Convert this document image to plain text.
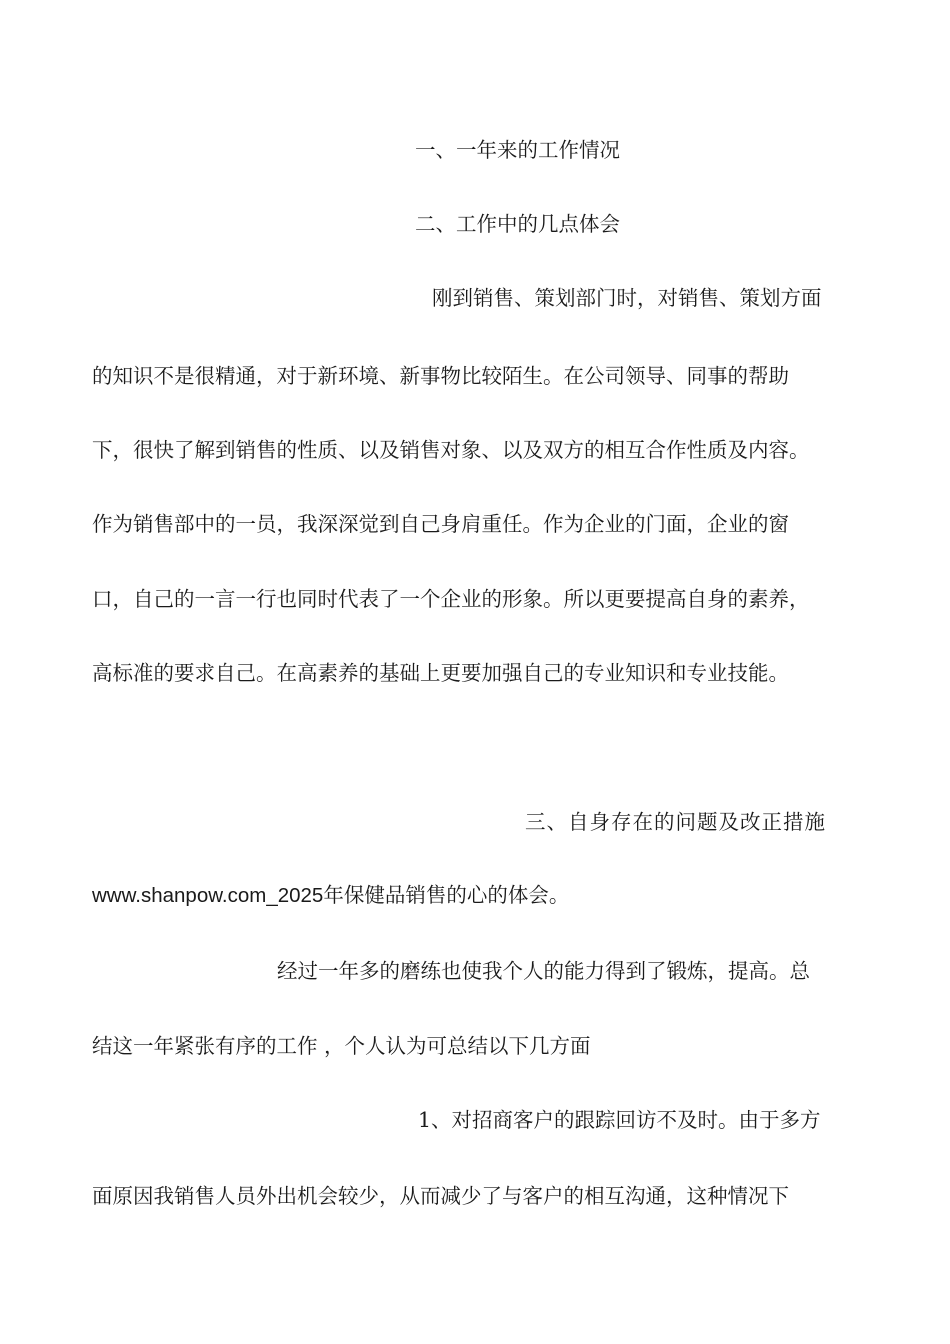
一、一年来的工作情况
二、工作中的几点体会
刚到销售、策划部门时，对销售、策划方面
的知识不是很精通，对于新环境、新事物比较陌生。在公司领导、同事的帮助
下，很快了解到销售的性质、以及销售对象、以及双方的相互合作性质及内容。
作为销售部中的一员，我深深觉到自己身肩重任。作为企业的门面，企业的窗
口，自己的一言一行也同时代表了一个企业的形象。所以更要提高自身的素养，
高标准的要求自己。在高素养的基础上更要加强自己的专业知识和专业技能。
三、自身存在的问题及改正措施
www.shanpow.com_2025年保健品销售的心的体会。
经过一年多的磨练也使我个人的能力得到了锻炼，提高。总
结这一年紧张有序的工作 ，个人认为可总结以下几方面
1、对招商客户的跟踪回访不及时。由于多方
面原因我销售人员外出机会较少，从而减少了与客户的相互沟通，这种情况下
